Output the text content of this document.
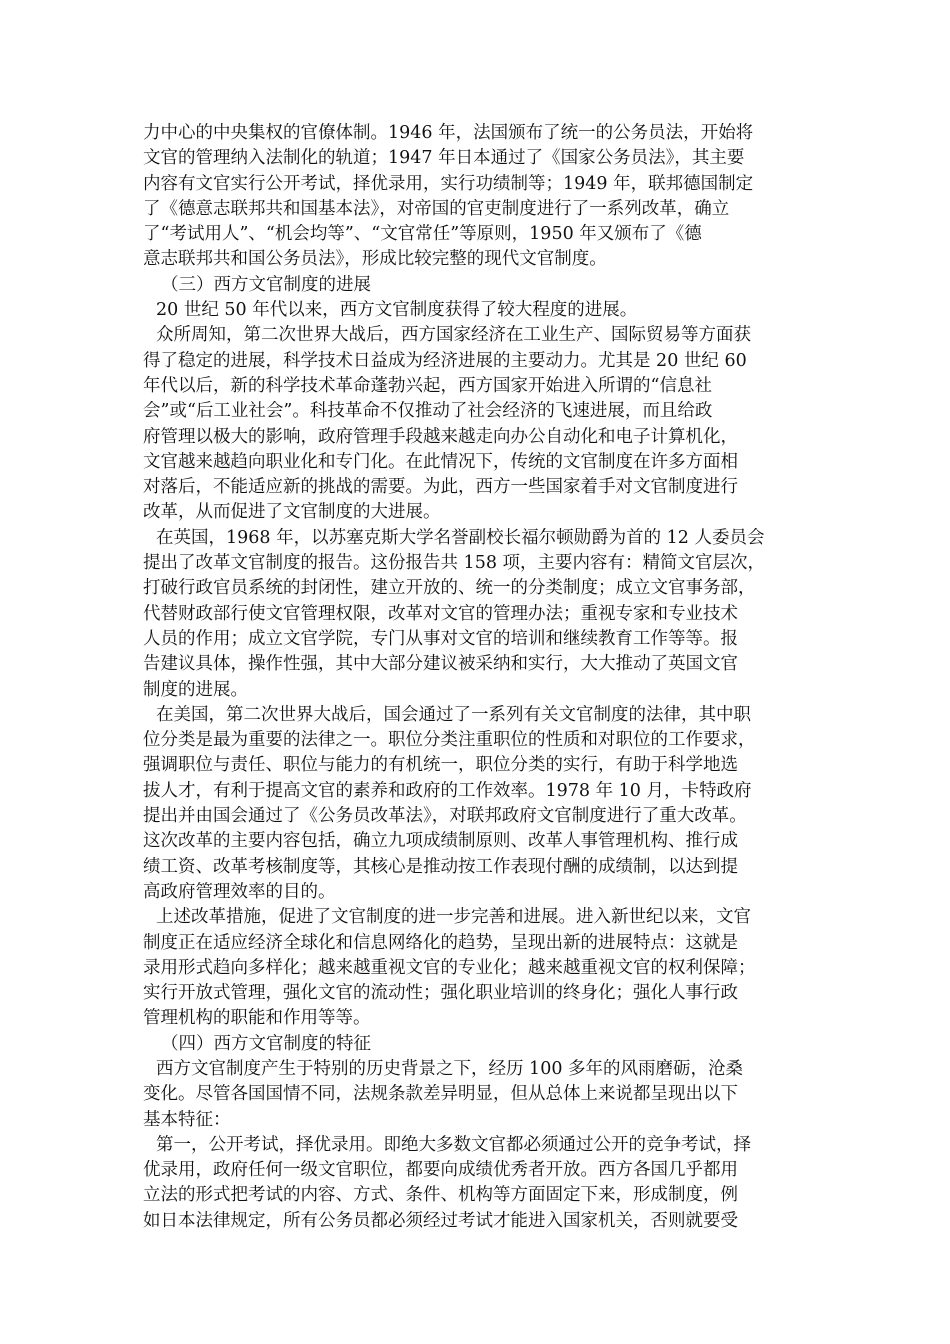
力中心的中央集权的官僚体制。1946 年，法国颁布了统一的公务员法，开始将
文官的管理纳入法制化的轨道；1947 年日本通过了《国家公务员法》，其主要
内容有文官实行公开考试，择优录用，实行功绩制等；1949 年，联邦德国制定
了《德意志联邦共和国基本法》，对帝国的官吏制度进行了一系列改革，确立
了“考试用人”、“机会均等”、“文官常任”等原则，1950 年又颁布了《德
意志联邦共和国公务员法》，形成比较完整的现代文官制度。
（三）西方文官制度的进展
20 世纪 50 年代以来，西方文官制度获得了较大程度的进展。
众所周知，第二次世界大战后，西方国家经济在工业生产、国际贸易等方面获
得了稳定的进展，科学技术日益成为经济进展的主要动力。尤其是 20 世纪 60
年代以后，新的科学技术革命蓬勃兴起，西方国家开始进入所谓的“信息社
会”或“后工业社会”。科技革命不仅推动了社会经济的飞速进展，而且给政
府管理以极大的影响，政府管理手段越来越走向办公自动化和电子计算机化，
文官越来越趋向职业化和专门化。在此情况下，传统的文官制度在许多方面相
对落后，不能适应新的挑战的需要。为此，西方一些国家着手对文官制度进行
改革，从而促进了文官制度的大进展。
在英国，1968 年，以苏塞克斯大学名誉副校长福尔顿勋爵为首的 12 人委员会
提出了改革文官制度的报告。这份报告共 158 项，主要内容有：精简文官层次，
打破行政官员系统的封闭性，建立开放的、统一的分类制度；成立文官事务部，
代替财政部行使文官管理权限，改革对文官的管理办法；重视专家和专业技术
人员的作用；成立文官学院，专门从事对文官的培训和继续教育工作等等。报
告建议具体，操作性强，其中大部分建议被采纳和实行，大大推动了英国文官
制度的进展。
在美国，第二次世界大战后，国会通过了一系列有关文官制度的法律，其中职
位分类是最为重要的法律之一。职位分类注重职位的性质和对职位的工作要求，
强调职位与责任、职位与能力的有机统一，职位分类的实行，有助于科学地选
拔人才，有利于提高文官的素养和政府的工作效率。1978 年 10 月，卡特政府
提出并由国会通过了《公务员改革法》，对联邦政府文官制度进行了重大改革。
这次改革的主要内容包括，确立九项成绩制原则、改革人事管理机构、推行成
绩工资、改革考核制度等，其核心是推动按工作表现付酬的成绩制，以达到提
高政府管理效率的目的。
上述改革措施，促进了文官制度的进一步完善和进展。进入新世纪以来，文官
制度正在适应经济全球化和信息网络化的趋势，呈现出新的进展特点：这就是
录用形式趋向多样化；越来越重视文官的专业化；越来越重视文官的权利保障；
实行开放式管理，强化文官的流动性；强化职业培训的终身化；强化人事行政
管理机构的职能和作用等等。
（四）西方文官制度的特征
西方文官制度产生于特别的历史背景之下，经历 100 多年的风雨磨砺，沧桑
变化。尽管各国国情不同，法规条款差异明显，但从总体上来说都呈现出以下
基本特征：
第一，公开考试，择优录用。即绝大多数文官都必须通过公开的竞争考试，择
优录用，政府任何一级文官职位，都要向成绩优秀者开放。西方各国几乎都用
立法的形式把考试的内容、方式、条件、机构等方面固定下来，形成制度，例
如日本法律规定，所有公务员都必须经过考试才能进入国家机关，否则就要受
